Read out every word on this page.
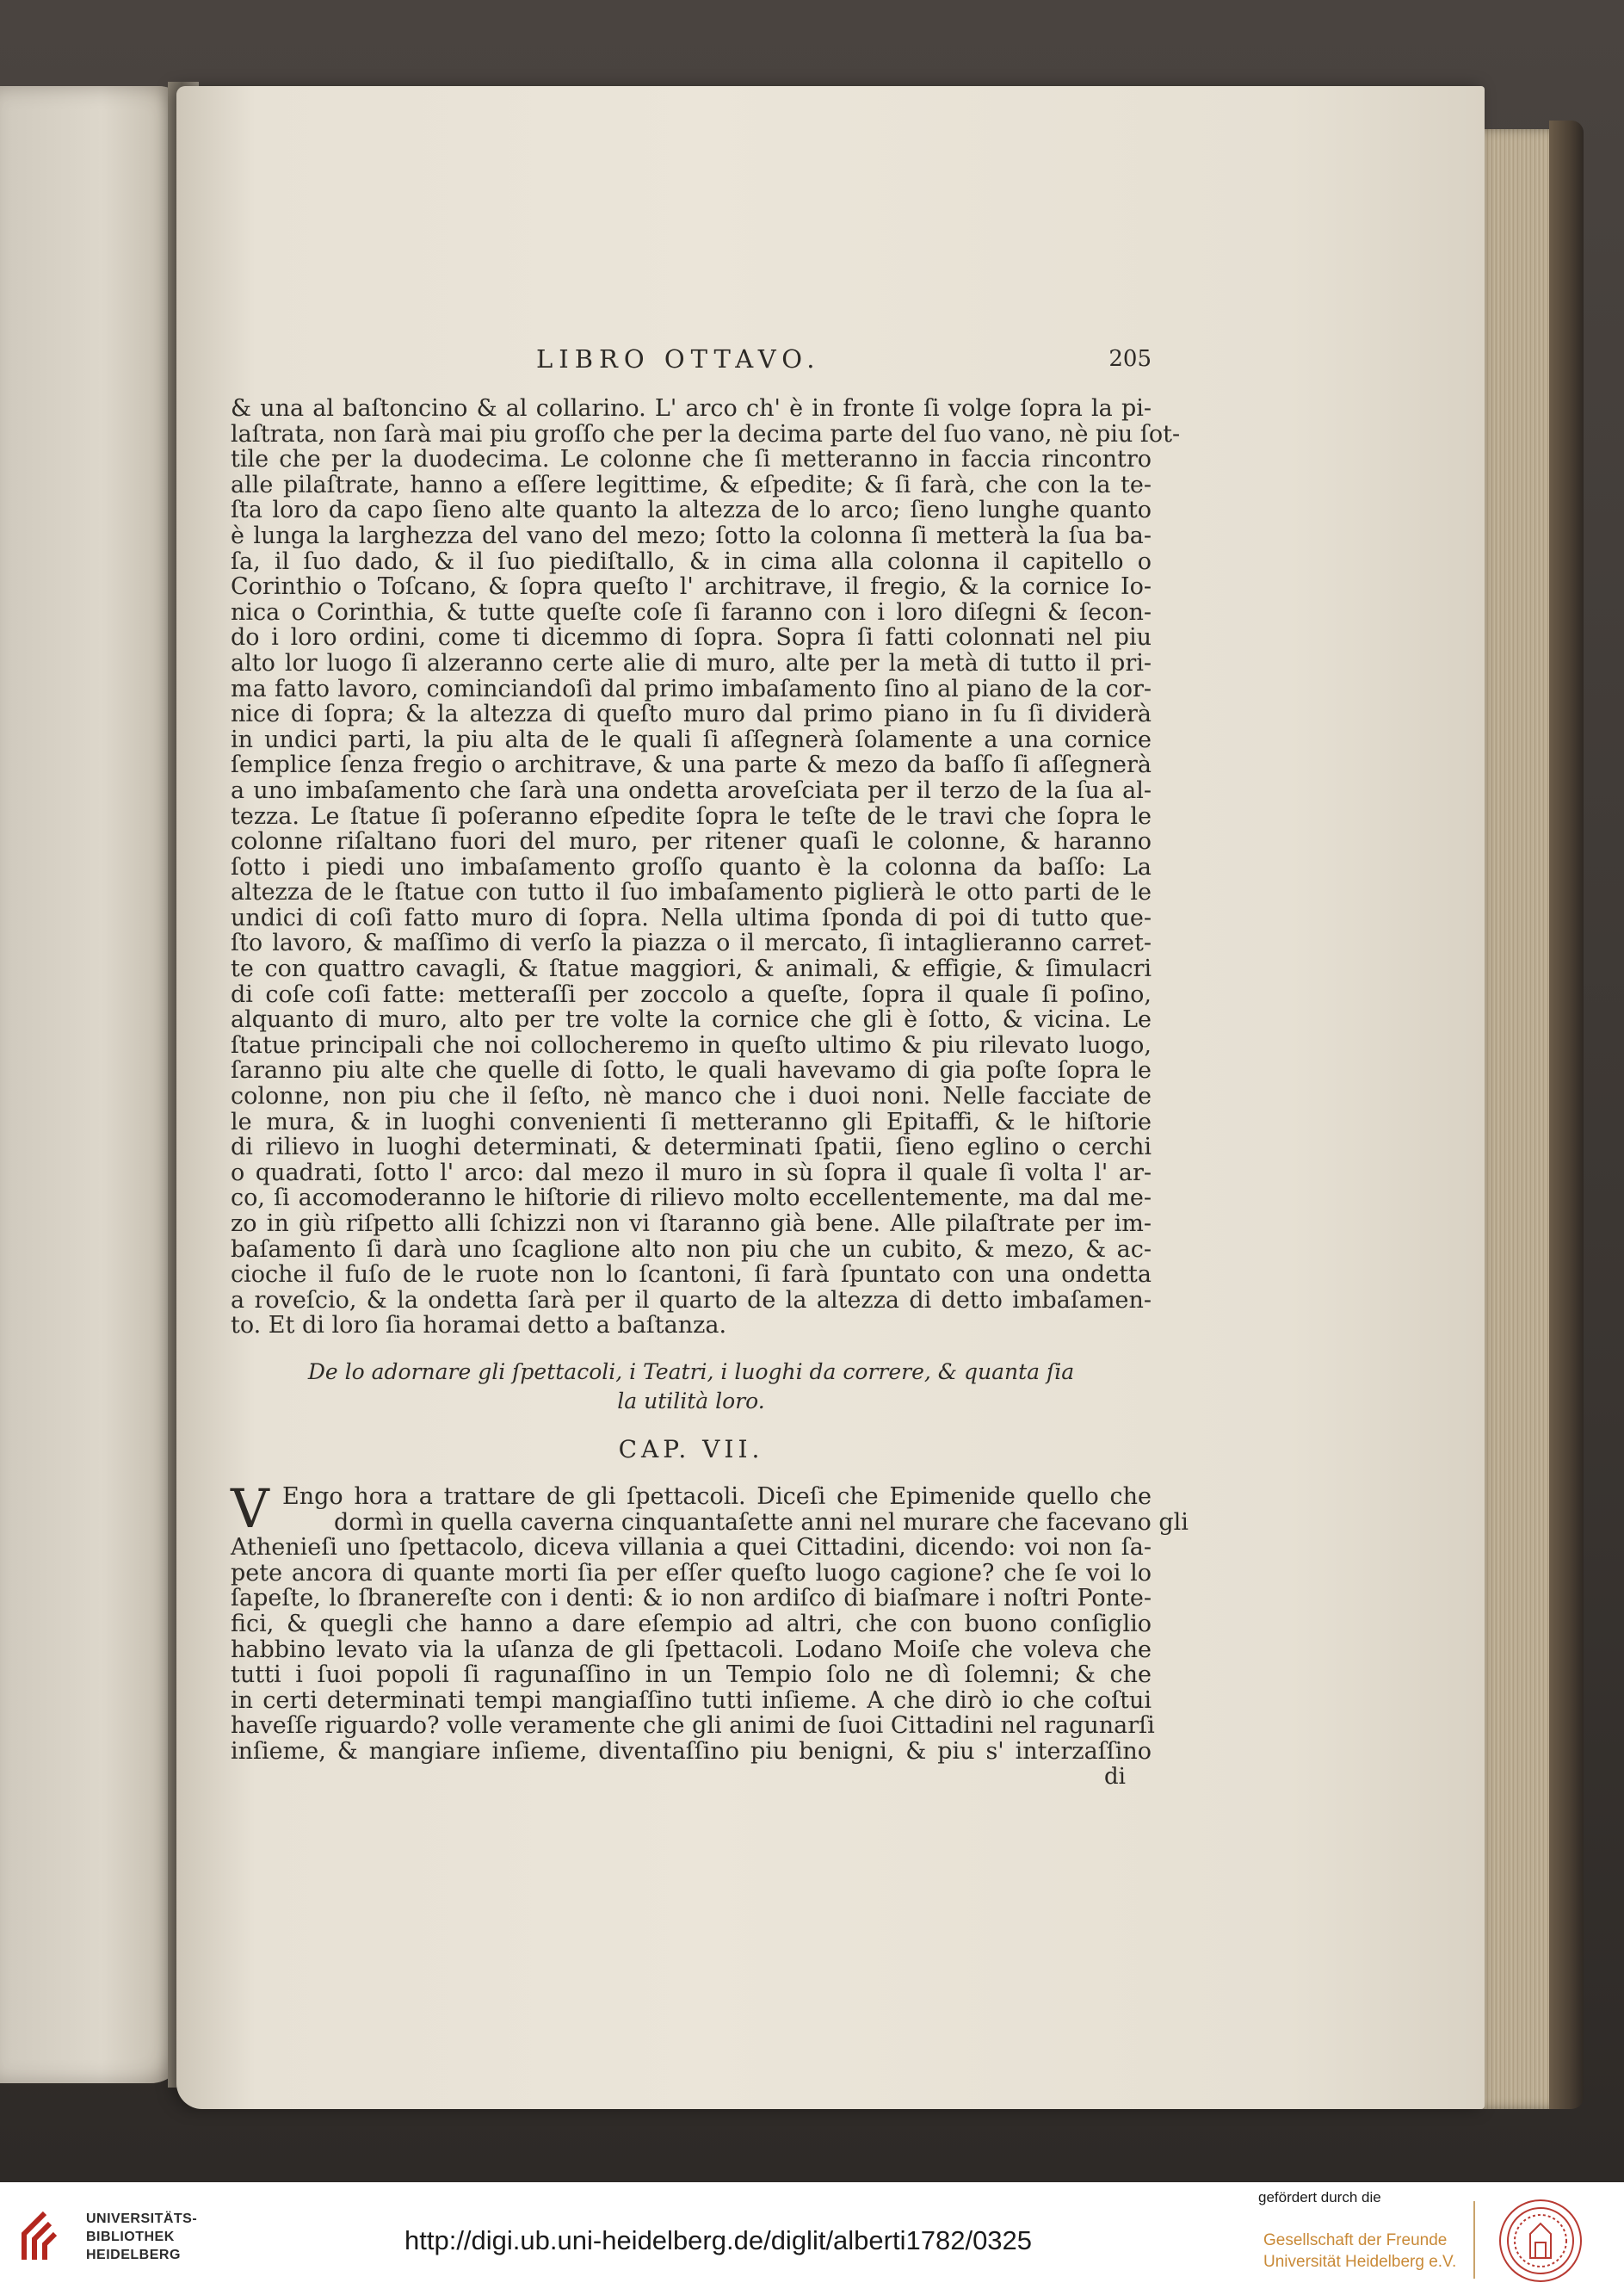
LIBRO OTTAVO.	205
& una al baſtoncino & al collarino. L' arco ch' è in fronte ſi volge ſopra la pi-
laſtrata, non ſarà mai piu groſſo che per la decima parte del ſuo vano, nè piu ſot-
tile che per la duodecima. Le colonne che ſi metteranno in faccia rincontro
alle pilaſtrate, hanno a eſſere legittime, & eſpedite; & ſi farà, che con la te-
ſta loro da capo ſieno alte quanto la altezza de lo arco; ſieno lunghe quanto
è lunga la larghezza del vano del mezo; ſotto la colonna ſi metterà la ſua ba-
ſa, il ſuo dado, & il ſuo piediſtallo, & in cima alla colonna il capitello o
Corinthio o Toſcano, & ſopra queſto l' architrave, il fregio, & la cornice Io-
nica o Corinthia, & tutte queſte coſe ſi faranno con i loro diſegni & ſecon-
do i loro ordini, come ti dicemmo di ſopra. Sopra ſi fatti colonnati nel piu
alto lor luogo ſi alzeranno certe alie di muro, alte per la metà di tutto il pri-
ma fatto lavoro, cominciandoſi dal primo imbaſamento ſino al piano de la cor-
nice di ſopra; & la altezza di queſto muro dal primo piano in ſu ſi dividerà
in undici parti, la piu alta de le quali ſi aſſegnerà ſolamente a una cornice
ſemplice ſenza fregio o architrave, & una parte & mezo da baſſo ſi aſſegnerà
a uno imbaſamento che ſarà una ondetta aroveſciata per il terzo de la ſua al-
tezza. Le ſtatue ſi poſeranno eſpedite ſopra le teſte de le travi che ſopra le
colonne riſaltano fuori del muro, per ritener quaſi le colonne, & haranno
ſotto i piedi uno imbaſamento groſſo quanto è la colonna da baſſo: La
altezza de le ſtatue con tutto il ſuo imbaſamento piglierà le otto parti de le
undici di coſi fatto muro di ſopra. Nella ultima ſponda di poi di tutto que-
ſto lavoro, & maſſimo di verſo la piazza o il mercato, ſi intaglieranno carret-
te con quattro cavagli, & ſtatue maggiori, & animali, & effigie, & ſimulacri
di coſe coſi fatte: metteraſſi per zoccolo a queſte, ſopra il quale ſi poſino,
alquanto di muro, alto per tre volte la cornice che gli è ſotto, & vicina. Le
ſtatue principali che noi collocheremo in queſto ultimo & piu rilevato luogo,
ſaranno piu alte che quelle di ſotto, le quali havevamo di gia poſte ſopra le
colonne, non piu che il ſeſto, nè manco che i duoi noni. Nelle facciate de
le mura, & in luoghi convenienti ſi metteranno gli Epitaffi, & le hiſtorie
di rilievo in luoghi determinati, & determinati ſpatii, ſieno eglino o cerchi
o quadrati, ſotto l' arco: dal mezo il muro in sù ſopra il quale ſi volta l' ar-
co, ſi accomoderanno le hiſtorie di rilievo molto eccellentemente, ma dal me-
zo in giù riſpetto alli ſchizzi non vi ſtaranno già bene. Alle pilaſtrate per im-
baſamento ſi darà uno ſcaglione alto non piu che un cubito, & mezo, & ac-
cioche il fuſo de le ruote non lo ſcantoni, ſi farà ſpuntato con una ondetta
a roveſcio, & la ondetta ſarà per il quarto de la altezza di detto imbaſamen-
to. Et di loro ſia horamai detto a baſtanza.
De lo adornare gli ſpettacoli, i Teatri, i luoghi da correre, & quanta ſia
la utilità loro.
CAP. VII.
V Engo hora a trattare de gli ſpettacoli. Diceſi che Epimenide quello che
dormì in quella caverna cinquantaſette anni nel murare che facevano gli
Athenieſi uno ſpettacolo, diceva villania a quei Cittadini, dicendo: voi non ſa-
pete ancora di quante morti ſia per eſſer queſto luogo cagione? che ſe voi lo
ſapeſte, lo ſbranereſte con i denti: & io non ardiſco di biaſmare i noſtri Ponte-
fici, & quegli che hanno a dare eſempio ad altri, che con buono conſiglio
habbino levato via la uſanza de gli ſpettacoli. Lodano Moiſe che voleva che
tutti i ſuoi popoli ſi ragunaſſino in un Tempio ſolo ne dì ſolemni; & che
in certi determinati tempi mangiaſſino tutti inſieme. A che dirò io che coſtui
haveſſe riguardo? volle veramente che gli animi de ſuoi Cittadini nel ragunarſi
inſieme, & mangiare inſieme, diventaſſino piu benigni, & piu s' interzaſſino
di
UNIVERSITÄTS-
BIBLIOTHEK
HEIDELBERG	http://digi.ub.uni-heidelberg.de/diglit/alberti1782/0325
gefördert durch die
Gesellschaft der Freunde
Universität Heidelberg e.V.
